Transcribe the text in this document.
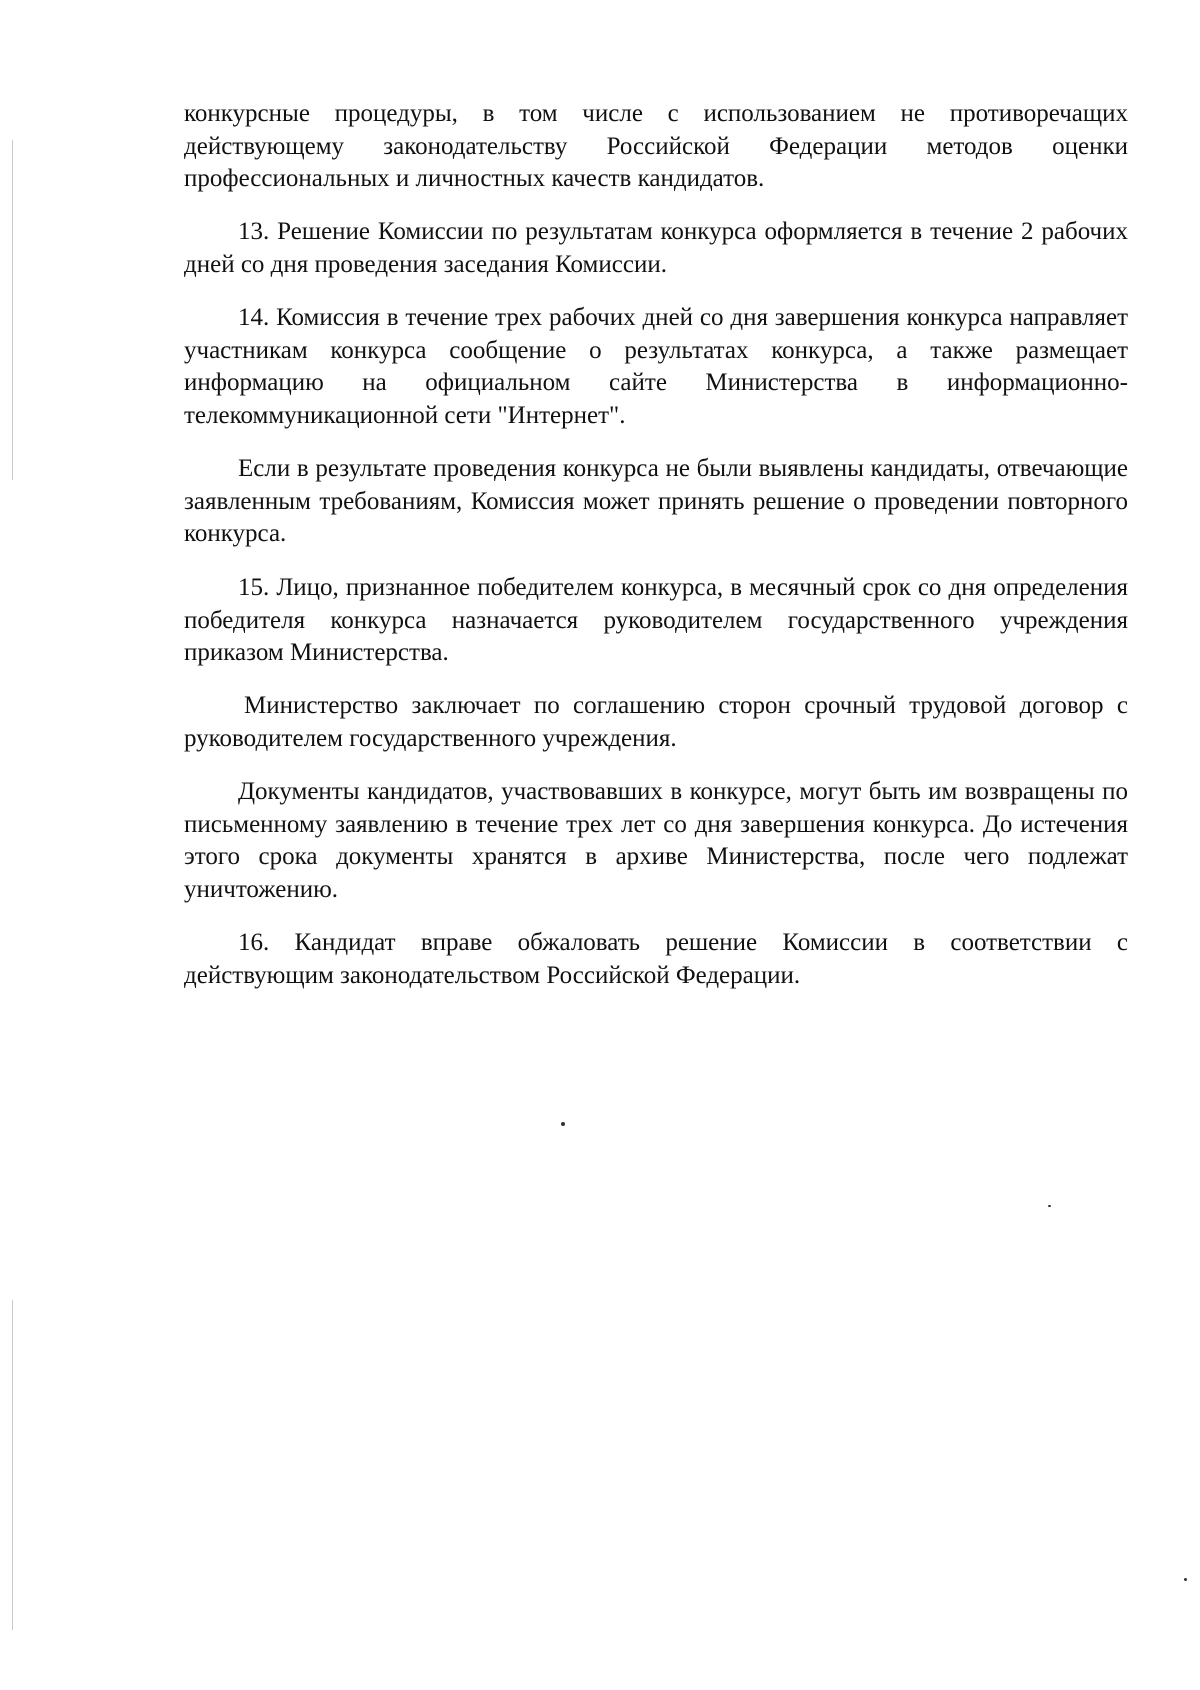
конкурсные процедуры, в том числе с использованием не противоречащих действующему законодательству Российской Федерации методов оценки профессиональных и личностных качеств кандидатов.

13. Решение Комиссии по результатам конкурса оформляется в течение 2 рабочих дней со дня проведения заседания Комиссии.

14. Комиссия в течение трех рабочих дней со дня завершения конкурса направляет участникам конкурса сообщение о результатах конкурса, а также размещает информацию на официальном сайте Министерства в информационно-телекоммуникационной сети "Интернет".

Если в результате проведения конкурса не были выявлены кандидаты, отвечающие заявленным требованиям, Комиссия может принять решение о проведении повторного конкурса.

15. Лицо, признанное победителем конкурса, в месячный срок со дня определения победителя конкурса назначается руководителем государственного учреждения приказом Министерства.

Министерство заключает по соглашению сторон срочный трудовой договор с руководителем государственного учреждения.

Документы кандидатов, участвовавших в конкурсе, могут быть им возвращены по письменному заявлению в течение трех лет со дня завершения конкурса. До истечения этого срока документы хранятся в архиве Министерства, после чего подлежат уничтожению.

16. Кандидат вправе обжаловать решение Комиссии в соответствии с действующим законодательством Российской Федерации.
